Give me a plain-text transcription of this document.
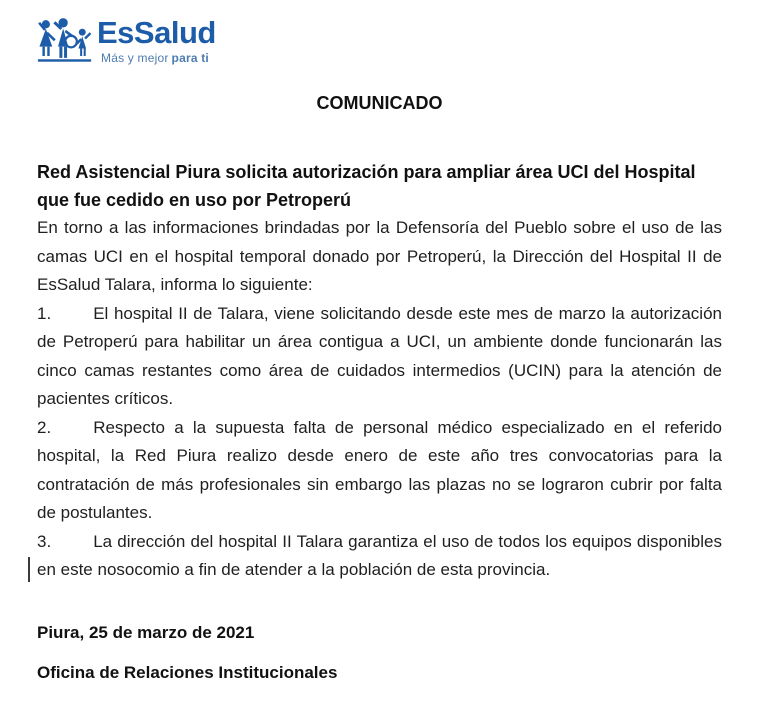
EsSalud
Más y mejor para ti
COMUNICADO
Red Asistencial Piura solicita autorización para ampliar área UCI del Hospital que fue cedido en uso por Petroperú

En torno a las informaciones brindadas por la Defensoría del Pueblo sobre el uso de las camas UCI en el hospital temporal donado por Petroperú, la Dirección del Hospital II de EsSalud Talara, informa lo siguiente:

1. El hospital II de Talara, viene solicitando desde este mes de marzo la autorización de Petroperú para habilitar un área contigua a UCI, un ambiente donde funcionarán las cinco camas restantes como área de cuidados intermedios (UCIN) para la atención de pacientes críticos.

2. Respecto a la supuesta falta de personal médico especializado en el referido hospital, la Red Piura realizo desde enero de este año tres convocatorias para la contratación de más profesionales sin embargo las plazas no se lograron cubrir por falta de postulantes.

3. La dirección del hospital II Talara garantiza el uso de todos los equipos disponibles en este nosocomio a fin de atender a la población de esta provincia.

Piura, 25 de marzo de 2021

Oficina de Relaciones Institucionales
